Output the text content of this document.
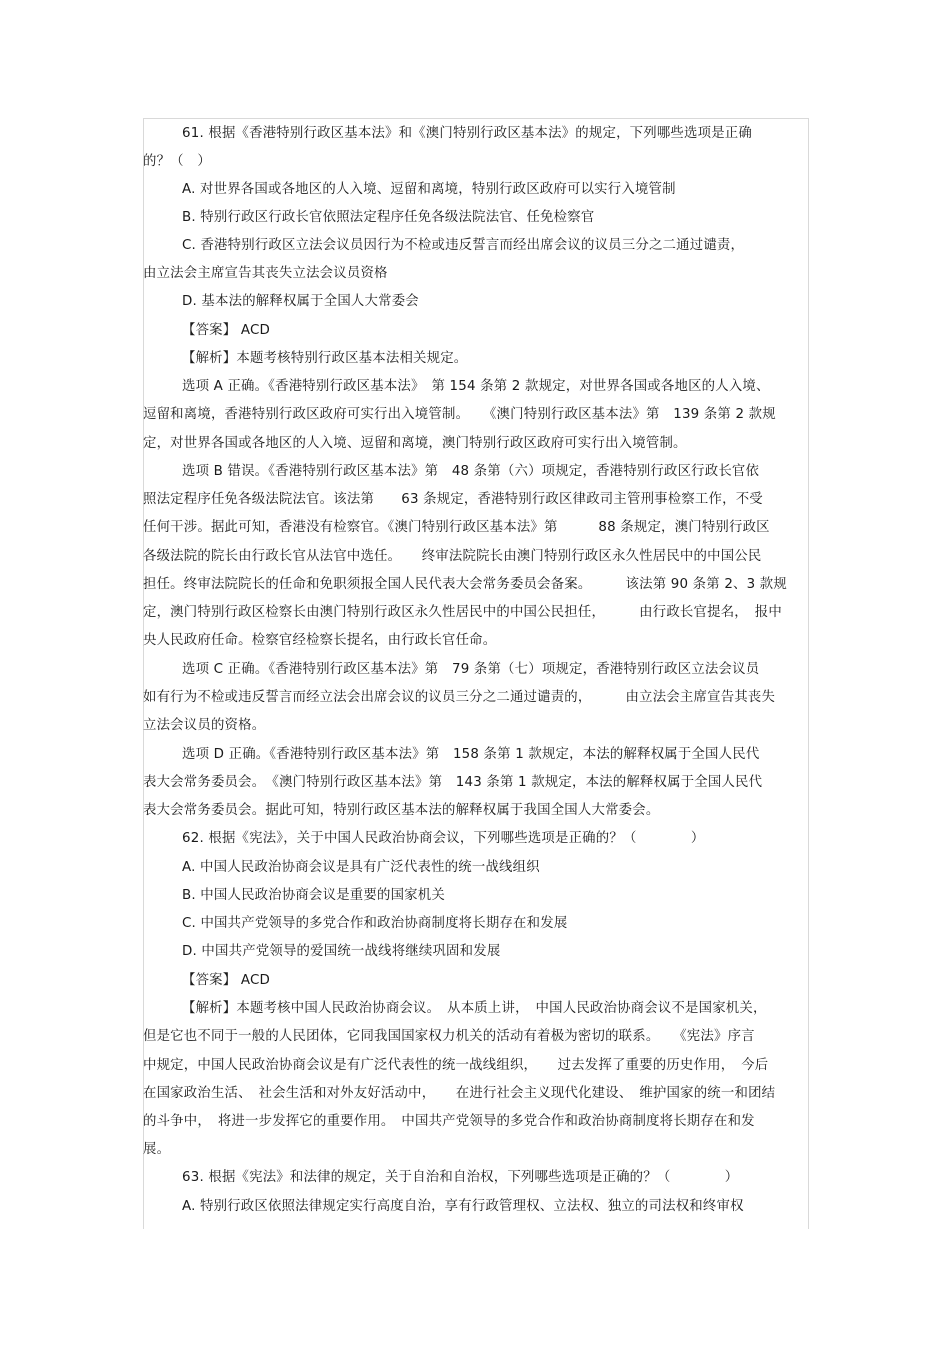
61. 根据《香港特别行政区基本法》和《澳门特别行政区基本法》的规定，下列哪些选项是正确
的？（　）
A. 对世界各国或各地区的人入境、逗留和离境，特别行政区政府可以实行入境管制
B. 特别行政区行政长官依照法定程序任免各级法院法官、任免检察官
C. 香港特别行政区立法会议员因行为不检或违反誓言而经出席会议的议员三分之二通过谴责，
由立法会主席宣告其丧失立法会议员资格
D. 基本法的解释权属于全国人大常委会
【答案】 ACD
【解析】本题考核特别行政区基本法相关规定。
选项 A 正确。《香港特别行政区基本法》　第 154 条第 2 款规定，对世界各国或各地区的人入境、
逗留和离境，香港特别行政区政府可实行出入境管制。　　《澳门特别行政区基本法》第　139 条第 2 款规
定，对世界各国或各地区的人入境、逗留和离境，澳门特别行政区政府可实行出入境管制。
选项 B 错误。《香港特别行政区基本法》第　48 条第（六）项规定，香港特别行政区行政长官依
照法定程序任免各级法院法官。该法第　　63 条规定，香港特别行政区律政司主管刑事检察工作，不受
任何干涉。据此可知，香港没有检察官。《澳门特别行政区基本法》第　　　88 条规定，澳门特别行政区
各级法院的院长由行政长官从法官中选任。　　终审法院院长由澳门特别行政区永久性居民中的中国公民
担任。终审法院院长的任命和免职须报全国人民代表大会常务委员会备案。　　　该法第 90 条第 2、3 款规
定，澳门特别行政区检察长由澳门特别行政区永久性居民中的中国公民担任，　　　由行政长官提名，　报中
央人民政府任命。检察官经检察长提名，由行政长官任命。
选项 C 正确。《香港特别行政区基本法》第　79 条第（七）项规定，香港特别行政区立法会议员
如有行为不检或违反誓言而经立法会出席会议的议员三分之二通过谴责的，　　　由立法会主席宣告其丧失
立法会议员的资格。
选项 D 正确。《香港特别行政区基本法》第　158 条第 1 款规定，本法的解释权属于全国人民代
表大会常务委员会。　《澳门特别行政区基本法》第　143 条第 1 款规定，本法的解释权属于全国人民代
表大会常务委员会。据此可知，特别行政区基本法的解释权属于我国全国人大常委会。
62. 根据《宪法》，关于中国人民政治协商会议，下列哪些选项是正确的？（　　　　）
A. 中国人民政治协商会议是具有广泛代表性的统一战线组织
B. 中国人民政治协商会议是重要的国家机关
C. 中国共产党领导的多党合作和政治协商制度将长期存在和发展
D. 中国共产党领导的爱国统一战线将继续巩固和发展
【答案】 ACD
【解析】本题考核中国人民政治协商会议。　从本质上讲，　中国人民政治协商会议不是国家机关，
但是它也不同于一般的人民团体，它同我国国家权力机关的活动有着极为密切的联系。　　《宪法》序言
中规定，中国人民政治协商会议是有广泛代表性的统一战线组织，　　过去发挥了重要的历史作用，　今后
在国家政治生活、　社会生活和对外友好活动中，　　在进行社会主义现代化建设、　维护国家的统一和团结
的斗争中，　将进一步发挥它的重要作用。　中国共产党领导的多党合作和政治协商制度将长期存在和发
展。
63. 根据《宪法》和法律的规定，关于自治和自治权，下列哪些选项是正确的？（　　　　）
A. 特别行政区依照法律规定实行高度自治，享有行政管理权、立法权、独立的司法权和终审权
